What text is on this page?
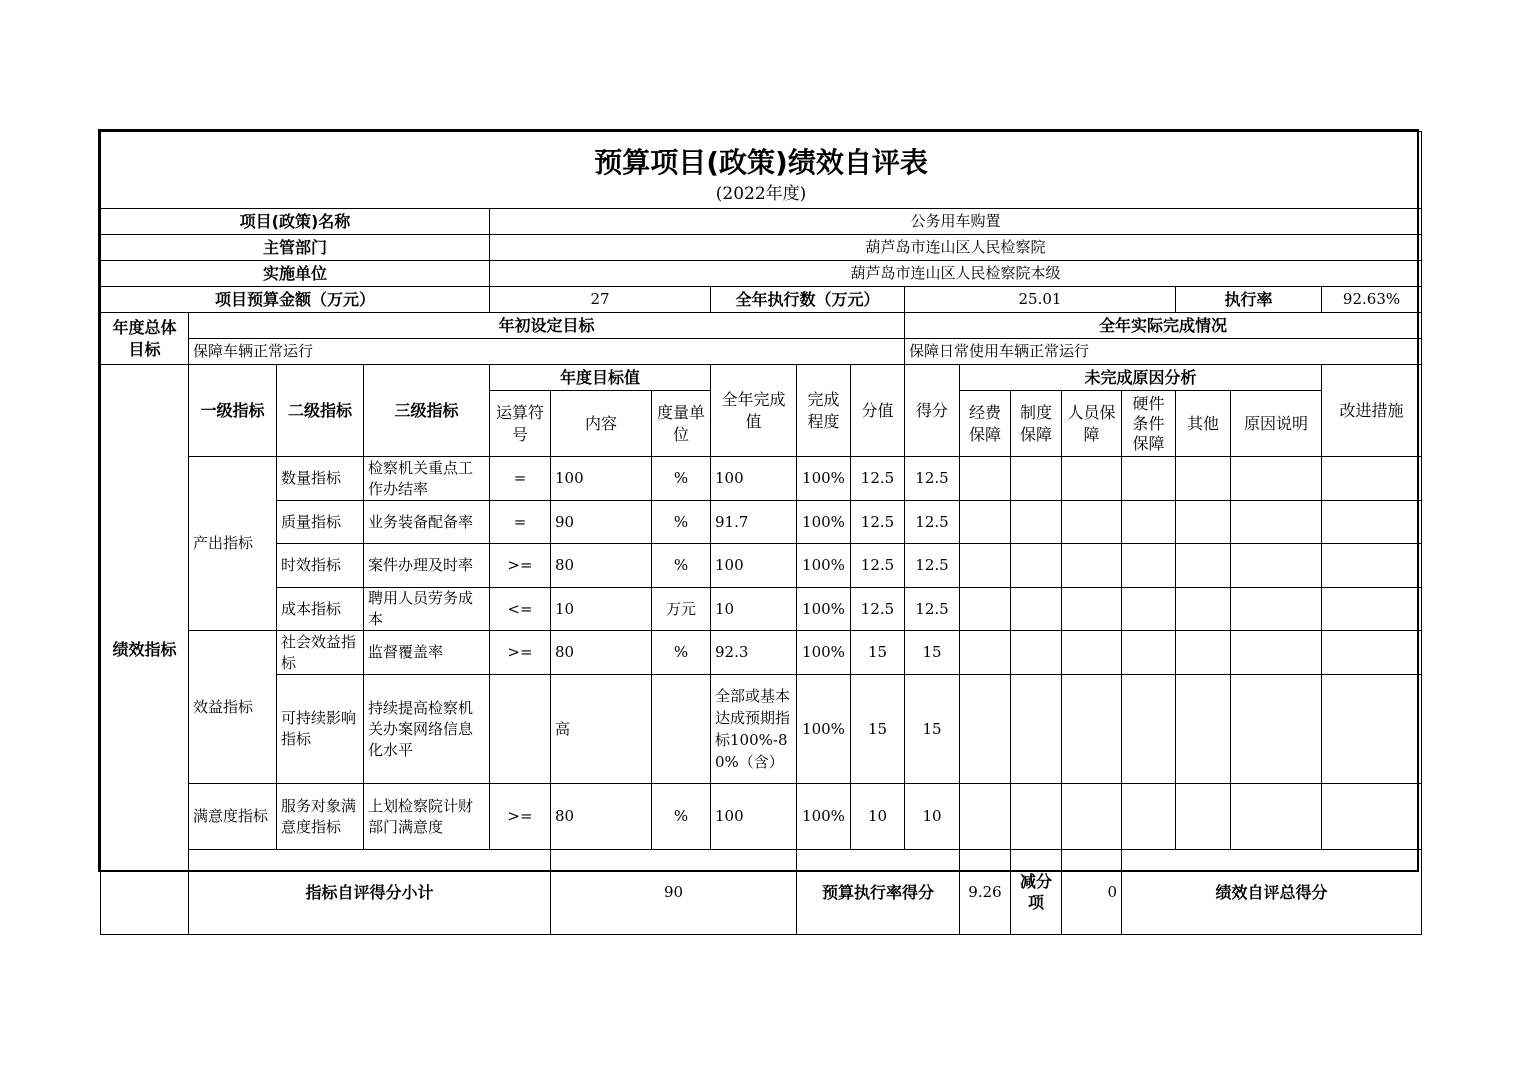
预算项目(政策)绩效自评表
(2022年度)																		

项目(政策)名称				公务用车购置														
主管部门				葫芦岛市连山区人民检察院														
实施单位				葫芦岛市连山区人民检察院本级														
项目预算金额（万元）				27			全年执行数（万元）			25.01					执行率		92.63%	
年度总体目标	年初设定目标									全年实际完成情况								
	保障车辆正常运行									保障日常使用车辆正常运行								
绩效指标	一级指标	二级指标	三级指标	年度目标值			全年完成值	完成程度	分值	得分	未完成原因分析						改进措施	
				运算符号	内容	度量单位					经费保障	制度保障	人员保障	硬件条件保障	其他	原因说明		
	产出指标	数量指标	检察机关重点工作办结率	=	100	%	100	100%	12.5	12.5								
		质量指标	业务装备配备率	=	90	%	91.7	100%	12.5	12.5								
		时效指标	案件办理及时率	>=	80	%	100	100%	12.5	12.5								
		成本指标	聘用人员劳务成本	<=	10	万元	10	100%	12.5	12.5								
	效益指标	社会效益指标	监督覆盖率	>=	80	%	92.3	100%	15	15								
		可持续影响指标	持续提高检察机关办案网络信息化水平		高		全部或基本达成预期指标100%-80%（含）	100%	15	15								
	满意度指标	服务对象满意度指标	上划检察院计财部门满意度	>=	80	%	100	100%	10	10								
	指标自评得分小计				90			预算执行率得分			9.26	减分项	0	绩效自评总得分	
